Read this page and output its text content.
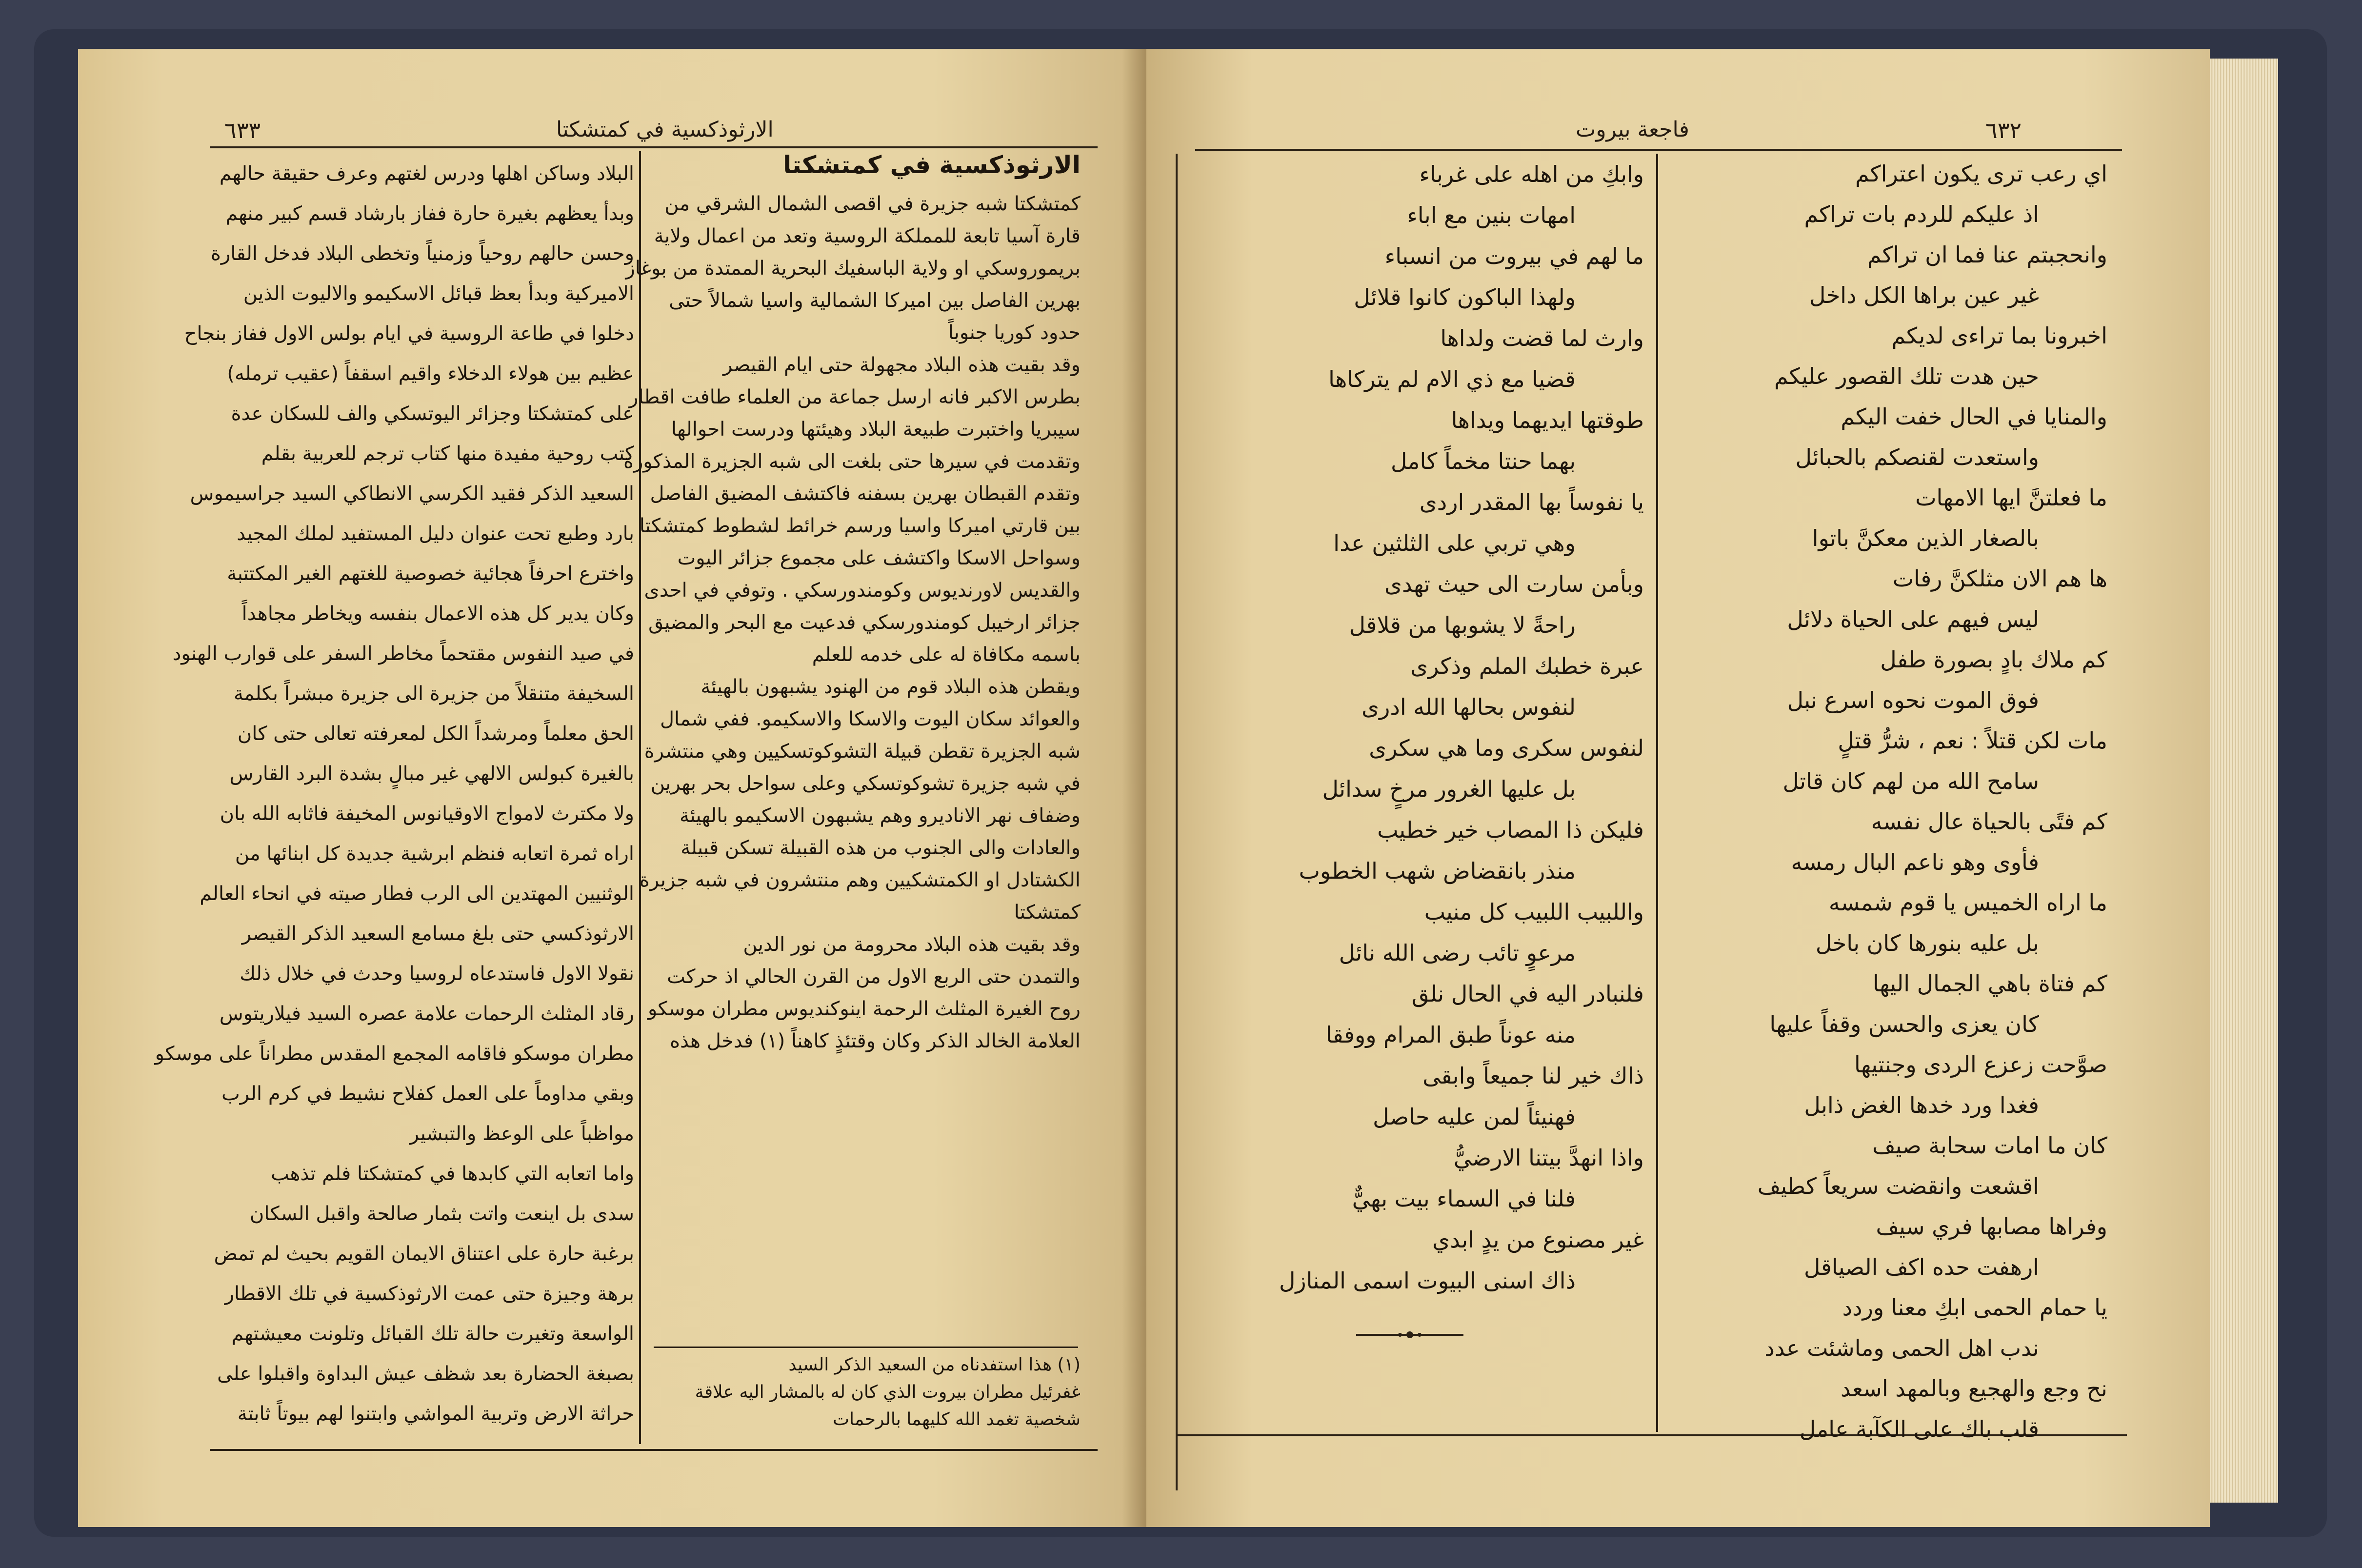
٦٣٣	الارثوذكسية في كمتشكتا

الارثوذكسية في كمتشكتا

كمتشكتا شبه جزيرة في اقصى الشمال الشرقي من

قارة آسيا تابعة للمملكة الروسية وتعد من اعمال ولاية

بريموروسكي او ولاية الباسفيك البحرية الممتدة من بوغاز

بهرين الفاصل بين اميركا الشمالية واسيا شمالاً حتى

حدود كوريا جنوباً

وقد بقيت هذه البلاد مجهولة حتى ايام القيصر

بطرس الاكبر فانه ارسل جماعة من العلماء طافت اقطار

سيبريا واختبرت طبيعة البلاد وهيئتها ودرست احوالها

وتقدمت في سيرها حتى بلغت الى شبه الجزيرة المذكورة

وتقدم القبطان بهرين بسفنه فاكتشف المضيق الفاصل

بين قارتي اميركا واسيا ورسم خرائط لشطوط كمتشكتا

وسواحل الاسكا واكتشف على مجموع جزائر اليوت

والقديس لاورنديوس وكومندورسكي . وتوفي في احدى

جزائر ارخيبل كومندورسكي فدعيت مع البحر والمضيق

باسمه مكافاة له على خدمه للعلم

ويقطن هذه البلاد قوم من الهنود يشبهون بالهيئة

والعوائد سكان اليوت والاسكا والاسكيمو. ففي شمال

شبه الجزيرة تقطن قبيلة التشوكوتسكيين وهي منتشرة

في شبه جزيرة تشوكوتسكي وعلى سواحل بحر بهرين

وضفاف نهر الاناديرو وهم يشبهون الاسكيمو بالهيئة

والعادات والى الجنوب من هذه القبيلة تسكن قبيلة

الكشتادل او الكمتشكيين وهم منتشرون في شبه جزيرة

كمتشكتا

وقد بقيت هذه البلاد محرومة من نور الدين

والتمدن حتى الربع الاول من القرن الحالي اذ حركت

روح الغيرة المثلث الرحمة اينوكنديوس مطران موسكو

العلامة الخالد الذكر وكان وقتئذٍ كاهناً (١) فدخل هذه

(١) هذا استفدناه من السعيد الذكر السيد

غفرئيل مطران بيروت الذي كان له بالمشار اليه علاقة

شخصية تغمد الله كليهما بالرحمات

البلاد وساكن اهلها ودرس لغتهم وعرف حقيقة حالهم

وبدأ يعظهم بغيرة حارة ففاز بارشاد قسم كبير منهم

وحسن حالهم روحياً وزمنياً وتخطى البلاد فدخل القارة

الاميركية وبدأ بعظ قبائل الاسكيمو والاليوت الذين

دخلوا في طاعة الروسية في ايام بولس الاول ففاز بنجاح

عظيم بين هولاء الدخلاء واقيم اسقفاً (عقيب ترمله)

على كمتشكتا وجزائر اليوتسكي والف للسكان عدة

كتب روحية مفيدة منها كتاب ترجم للعربية بقلم

السعيد الذكر فقيد الكرسي الانطاكي السيد جراسيموس

بارد وطبع تحت عنوان دليل المستفيد لملك المجيد

واخترع احرفاً هجائية خصوصية للغتهم الغير المكتتبة

وكان يدير كل هذه الاعمال بنفسه ويخاطر مجاهداً

في صيد النفوس مقتحماً مخاطر السفر على قوارب الهنود

السخيفة متنقلاً من جزيرة الى جزيرة مبشراً بكلمة

الحق معلماً ومرشداً الكل لمعرفته تعالى حتى كان

بالغيرة كبولس الالهي غير مبالٍ بشدة البرد القارس

ولا مكترث لامواج الاوقيانوس المخيفة فاثابه الله بان

اراه ثمرة اتعابه فنظم ابرشية جديدة كل ابنائها من

الوثنيين المهتدين الى الرب فطار صيته في انحاء العالم

الارثوذكسي حتى بلغ مسامع السعيد الذكر القيصر

نقولا الاول فاستدعاه لروسيا وحدث في خلال ذلك

رقاد المثلث الرحمات علامة عصره السيد فيلاريتوس

مطران موسكو فاقامه المجمع المقدس مطراناً على موسكو

وبقي مداوماً على العمل كفلاح نشيط في كرم الرب

مواظباً على الوعظ والتبشير

واما اتعابه التي كابدها في كمتشكتا فلم تذهب

سدى بل اينعت واتت بثمار صالحة واقبل السكان

برغبة حارة على اعتناق الايمان القويم بحيث لم تمض

برهة وجيزة حتى عمت الارثوذكسية في تلك الاقطار

الواسعة وتغيرت حالة تلك القبائل وتلونت معيشتهم

بصبغة الحضارة بعد شظف عيش البداوة واقبلوا على

حراثة الارض وتربية المواشي وابتنوا لهم بيوتاً ثابتة

٦٣٢
فاجعة بيروت

اي رعب ترى يكون اعتراكم

اذ عليكم للردم بات تراكم

وانحجبتم عنا فما ان تراكم

غير عين براها الكل داخل

اخبرونا بما تراءى لديكم

حين هدت تلك القصور عليكم

والمنايا في الحال خفت اليكم

واستعدت لقنصكم بالحبائل

ما فعلتنَّ ايها الامهات

بالصغار الذين معكنَّ باتوا

ها هم الان مثلكنَّ رفات

ليس فيهم على الحياة دلائل

كم ملاك بادٍ بصورة طفل

فوق الموت نحوه اسرع نبل

مات لكن قتلاً : نعم ، شرُّ قتلٍ

سامح الله من لهم كان قاتل

كم فتًى بالحياة عال نفسه

فأوى وهو ناعم البال رمسه

ما اراه الخميس يا قوم شمسه

بل عليه بنورها كان باخل

كم فتاة باهي الجمال اليها

كان يعزى والحسن وقفاً عليها

صوَّحت زعزع الردى وجنتيها

فغدا ورد خدها الغض ذابل

كان ما امات سحابة صيف

اقشعت وانقضت سريعاً كطيف

وفراها مصابها فري سيف

ارهفت حده اكف الصياقل

يا حمام الحمى ابكِ معنا وردد

ندب اهل الحمى وماشئت عدد

نح وجع والهجيع وبالمهد اسعد

قلب باك على الكآبة عامل

وابكِ من اهله على غرباء

امهات بنين مع اباء

ما لهم في بيروت من انسباء

ولهذا الباكون كانوا قلائل

وارث لما قضت ولداها

قضيا مع ذي الام لم يتركاها

طوقتها ايديهما ويداها

بهما حنتا مخماً كامل

يا نفوساً بها المقدر اردى

وهي تربي على الثلثين عدا

وبأمن سارت الى حيث تهدى

راحةً لا يشوبها من قلاقل

عبرة خطبك الملم وذكرى

لنفوس بحالها الله ادرى

لنفوس سكرى وما هي سكرى

بل عليها الغرور مرخٍ سدائل

فليكن ذا المصاب خير خطيب

منذر بانقضاض شهب الخطوب

واللبيب اللبيب كل منيب

مرعوٍ تائب رضى الله نائل

فلنبادر اليه في الحال نلق

منه عوناً طبق المرام ووفقا

ذاك خير لنا جميعاً وابقى

فهنيئاً لمن عليه حاصل

واذا انهدَّ بيتنا الارضيُّ

فلنا في السماء بيت بهيٌّ

غير مصنوع من يدٍ ابدي

ذاك اسنى البيوت اسمى المنازل
